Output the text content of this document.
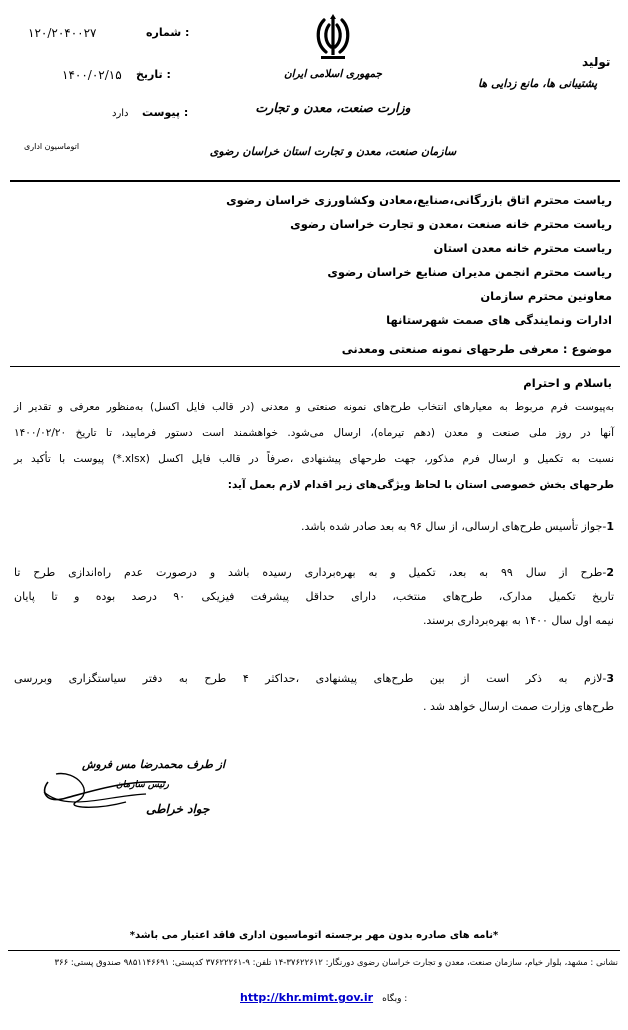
۱۲۰/۲۰۴۰۰۲۷	شماره :
۱۴۰۰/۰۲/۱۵ تاریخ :
دارد پیوست :
اتوماسیون اداری
جمهوری اسلامی ایران
وزارت صنعت، معدن و تجارت
سازمان صنعت، معدن و تجارت استان خراسان رضوی
تولید
پشتیبانی ها، مانع زدایی ها
ریاست محترم اتاق بازرگانی،صنایع،معادن وکشاورزی خراسان رضوی
ریاست محترم خانه صنعت ،معدن و تجارت خراسان رضوی
ریاست محترم خانه معدن استان
ریاست محترم انجمن مدیران صنایع خراسان رضوی
معاونین محترم سازمان
ادارات ونمایندگی های صمت شهرستانها
موضوع : معرفی طرحهای نمونه صنعتی ومعدنی
باسلام و احترام
به‌پیوست فرم مربوط به معیارهای انتخاب طرح‌های نمونه صنعتی و معدنی (در قالب فایل اکسل) به‌منظور معرفی و تقدیر از
آنها در روز ملی صنعت و معدن (دهم تیرماه)، ارسال می‌شود. خواهشمند است دستور فرمایید، تا تاریخ ۱۴۰۰/۰۲/۲۰
نسبت به تکمیل و ارسال فرم مذکور، جهت طرحهای پیشنهادی ،صرفاً در قالب فایل اکسل (xlsx.*) پیوست با تأکید بر
طرحهای بخش خصوصی استان با لحاظ ویژگی‌های زیر اقدام لازم بعمل آید:
1-جواز تأسیس طرح‌های ارسالی، از سال ۹۶ به بعد صادر شده باشد.
2-طرح از سال ۹۹ به بعد، تکمیل و به بهره‌برداری رسیده باشد و درصورت عدم راه‌اندازی طرح تا
تاریخ تکمیل مدارک، طرح‌های منتخب، دارای حداقل پیشرفت فیزیکی ۹۰ درصد بوده و تا پایان
نیمه اول سال ۱۴۰۰ به بهره‌برداری برسند.
3-لازم به ذکر است از بین طرح‌های پیشنهادی ،حداکثر ۴ طرح به دفتر سیاستگزاری وبررسی
طرح‌های وزارت صمت ارسال خواهد شد .
از طرف محمدرضا مس فروش
رئیس سازمان
جواد خراطی
*نامه های صادره بدون مهر برجسته اتوماسیون اداری فاقد اعتبار می باشد*
نشانی : مشهد، بلوار خیام، سازمان صنعت، معدن و تجارت خراسان رضوی دورنگار: ۳۷۶۲۲۶۱۲-۱۴ تلفن: ۹-۳۷۶۲۲۲۶۱ کدپستی: ۹۸۵۱۱۴۶۶۹۱ صندوق پستی: ۳۶۶
http://khr.mimt.gov.ir وبگاه :
